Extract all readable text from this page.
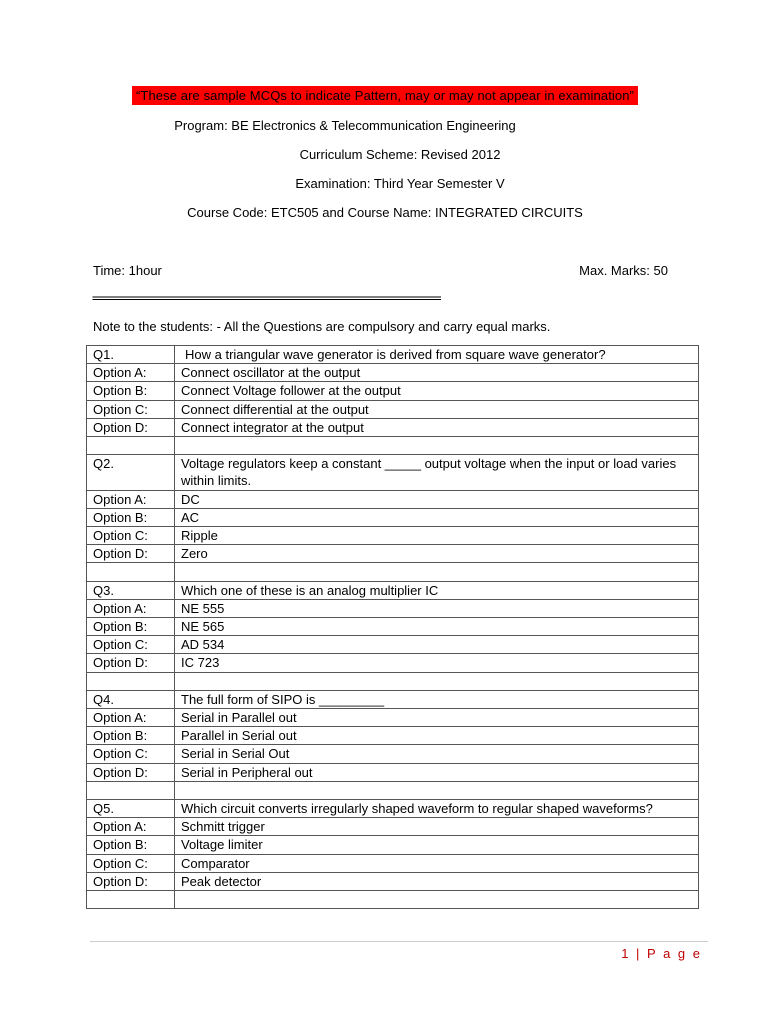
“These are sample MCQs to indicate Pattern, may or may not appear in examination”
Program: BE Electronics & Telecommunication Engineering
Curriculum Scheme: Revised 2012
Examination: Third Year Semester V
Course Code: ETC505 and Course Name: INTEGRATED CIRCUITS
Time: 1hour	Max. Marks: 50
====================================================================
Note to the students: - All the Questions are compulsory and carry equal marks.
Q1.	How a triangular wave generator is derived from square wave generator?
Option A:	Connect oscillator at the output
Option B:	Connect Voltage follower at the output
Option C:	Connect differential at the output
Option D:	Connect integrator at the output

Q2.	Voltage regulators keep a constant _____ output voltage when the input or load varies within limits.
Option A:	DC
Option B:	AC
Option C:	Ripple
Option D:	Zero

Q3.	Which one of these is an analog multiplier IC
Option A:	NE 555
Option B:	NE 565
Option C:	AD 534
Option D:	IC 723

Q4.	The full form of SIPO is _________
Option A:	Serial in Parallel out
Option B:	Parallel in Serial out
Option C:	Serial in Serial Out
Option D:	Serial in Peripheral out

Q5.	Which circuit converts irregularly shaped waveform to regular shaped waveforms?
Option A:	Schmitt trigger
Option B:	Voltage limiter
Option C:	Comparator
Option D:	Peak detector

1 | P a g e
